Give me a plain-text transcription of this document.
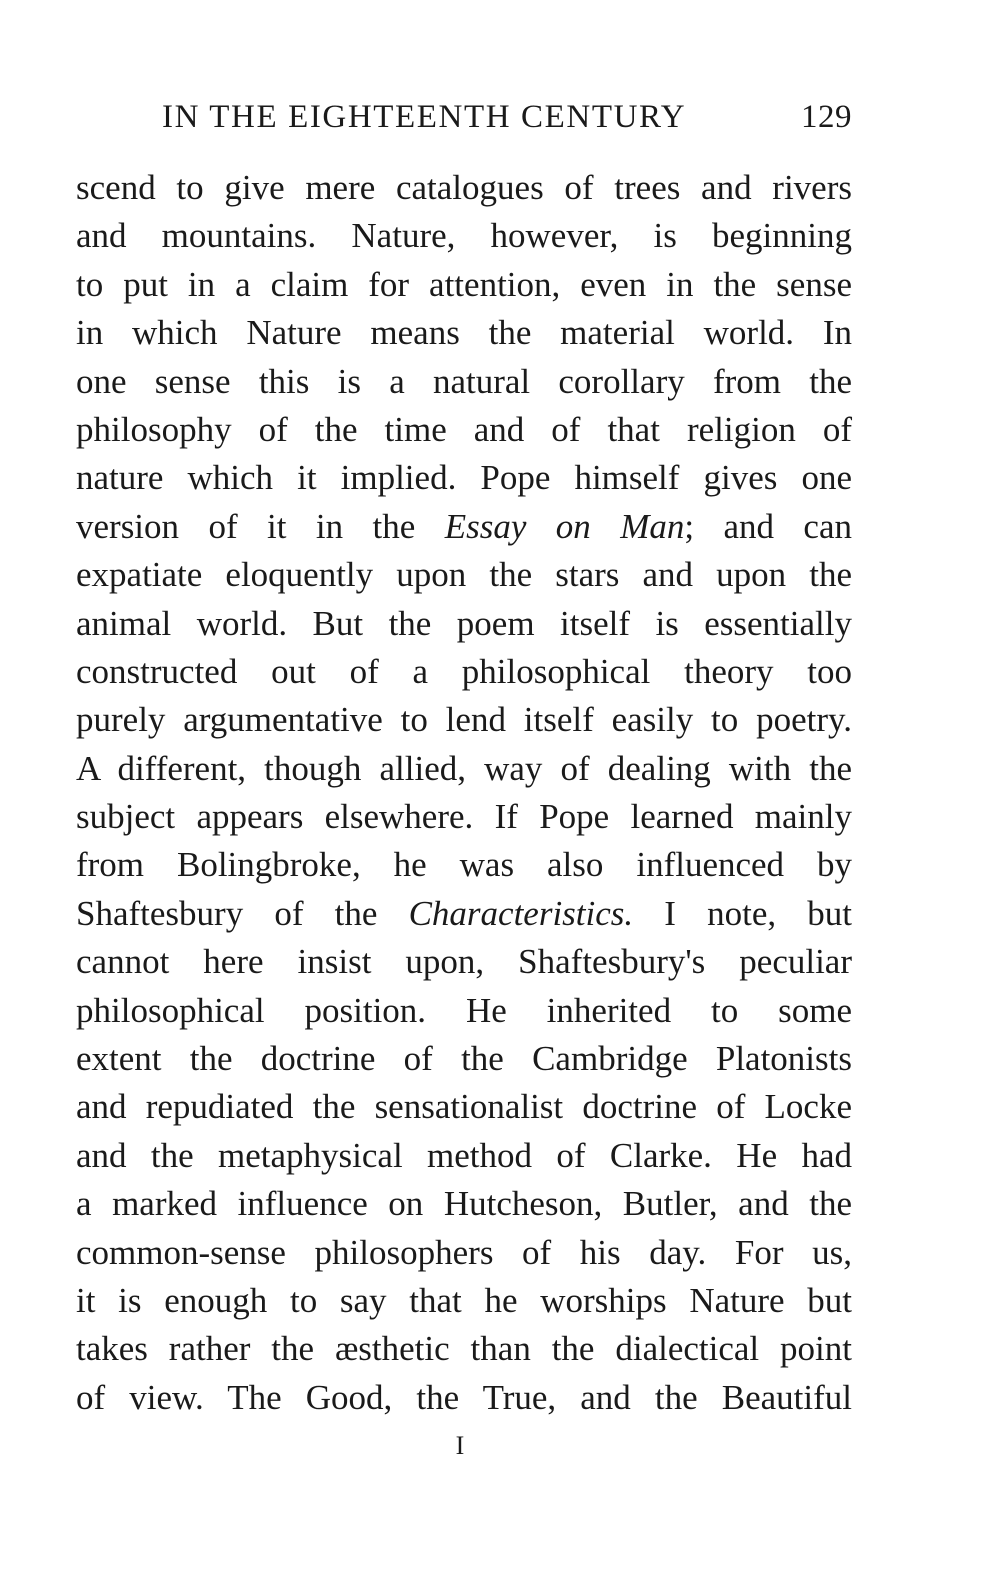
IN THE EIGHTEENTH CENTURY	129
scend to give mere catalogues of trees and rivers
and mountains. Nature, however, is beginning
to put in a claim for attention, even in the sense
in which Nature means the material world. In
one sense this is a natural corollary from the
philosophy of the time and of that religion of
nature which it implied. Pope himself gives one
version of it in the Essay on Man; and can
expatiate eloquently upon the stars and upon the
animal world. But the poem itself is essentially
constructed out of a philosophical theory too
purely argumentative to lend itself easily to poetry.
A different, though allied, way of dealing with the
subject appears elsewhere. If Pope learned mainly
from Bolingbroke, he was also influenced by
Shaftesbury of the Characteristics. I note, but
cannot here insist upon, Shaftesbury's peculiar
philosophical position. He inherited to some
extent the doctrine of the Cambridge Platonists
and repudiated the sensationalist doctrine of Locke
and the metaphysical method of Clarke. He had
a marked influence on Hutcheson, Butler, and the
common-sense philosophers of his day. For us,
it is enough to say that he worships Nature but
takes rather the æsthetic than the dialectical point
of view. The Good, the True, and the Beautiful
I
